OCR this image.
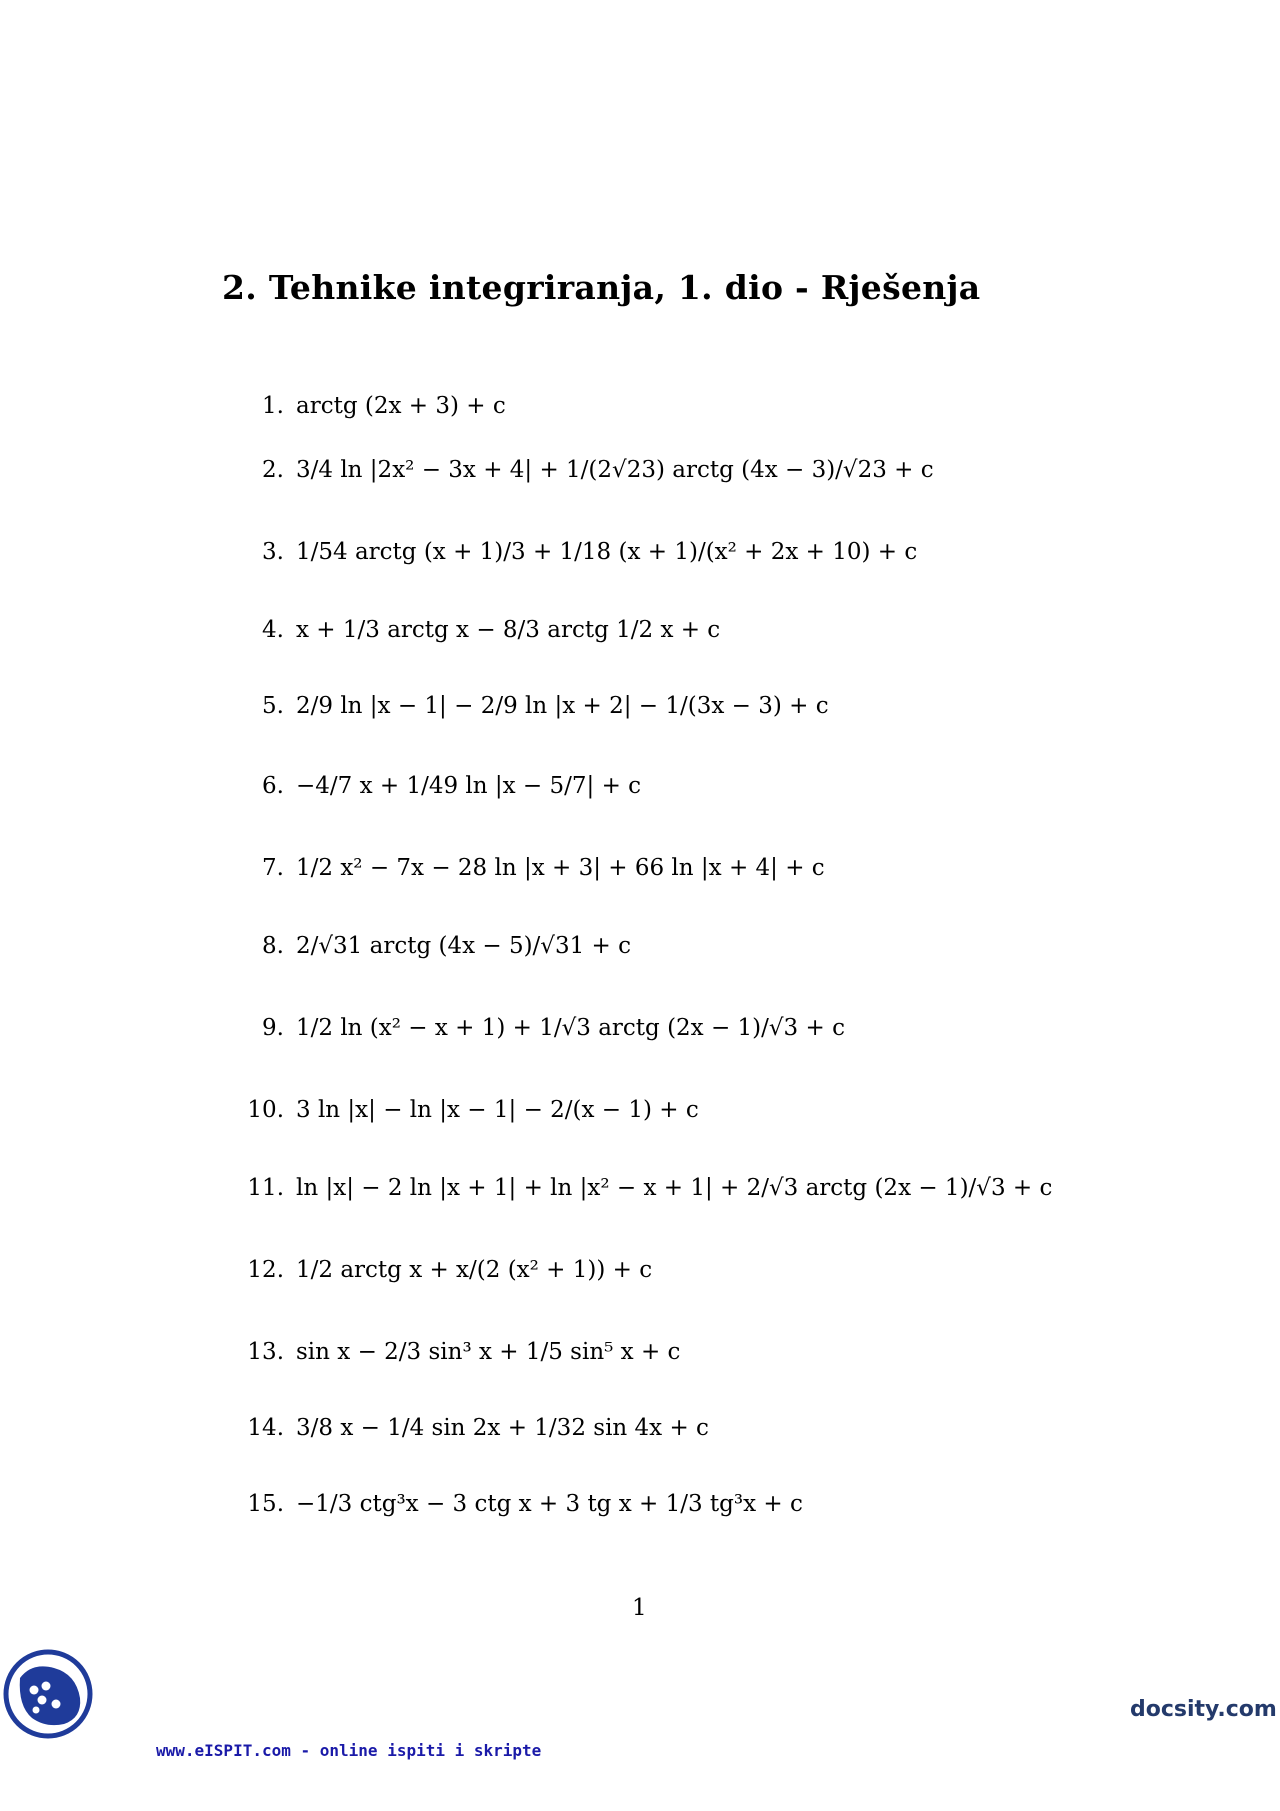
2. Tehnike integriranja, 1. dio - Rješenja
1. arctg (2x + 3) + c
2. 3/4 ln |2x² − 3x + 4| + 1/(2√23) arctg (4x − 3)/√23 + c
3. 1/54 arctg (x + 1)/3 + 1/18 (x + 1)/(x² + 2x + 10) + c
4. x + 1/3 arctg x − 8/3 arctg 1/2 x + c
5. 2/9 ln |x − 1| − 2/9 ln |x + 2| − 1/(3x − 3) + c
6. −4/7 x + 1/49 ln |x − 5/7| + c
7. 1/2 x² − 7x − 28 ln |x + 3| + 66 ln |x + 4| + c
8. 2/√31 arctg (4x − 5)/√31 + c
9. 1/2 ln (x² − x + 1) + 1/√3 arctg (2x − 1)/√3 + c
10. 3 ln |x| − ln |x − 1| − 2/(x − 1) + c
11. ln |x| − 2 ln |x + 1| + ln |x² − x + 1| + 2/√3 arctg (2x − 1)/√3 + c
12. 1/2 arctg x + x/(2 (x² + 1)) + c
13. sin x − 2/3 sin³ x + 1/5 sin⁵ x + c
14. 3/8 x − 1/4 sin 2x + 1/32 sin 4x + c
15. −1/3 ctg³x − 3 ctg x + 3 tg x + 1/3 tg³x + c
1
www.eISPIT.com - online ispiti i skripte
docsity.com
